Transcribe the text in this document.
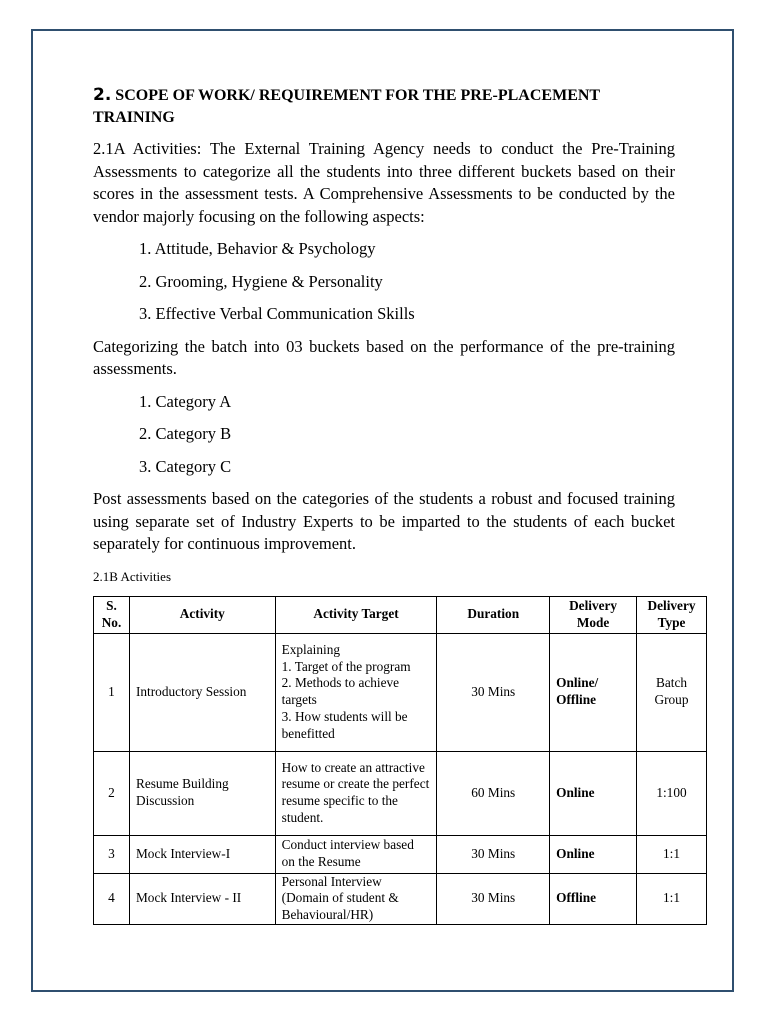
2. SCOPE OF WORK/ REQUIREMENT FOR THE PRE-PLACEMENT TRAINING

2.1A Activities: The External Training Agency needs to conduct the Pre-Training Assessments to categorize all the students into three different buckets based on their scores in the assessment tests. A Comprehensive Assessments to be conducted by the vendor majorly focusing on the following aspects:

1. Attitude, Behavior & Psychology
2. Grooming, Hygiene & Personality
3. Effective Verbal Communication Skills

Categorizing the batch into 03 buckets based on the performance of the pre-training assessments.

1. Category A
2. Category B
3. Category C

Post assessments based on the categories of the students a robust and focused training using separate set of Industry Experts to be imparted to the students of each bucket separately for continuous improvement.

2.1B Activities
S. No.	Activity	Activity Target	Duration	Delivery Mode	Delivery Type
1	Introductory Session	Explaining
1. Target of the program
2. Methods to achieve targets
3. How students will be benefitted	30 Mins	Online/ Offline	Batch Group
2	Resume Building Discussion	How to create an attractive resume or create the perfect resume specific to the student.	60 Mins	Online	1:100
3	Mock Interview-I	Conduct interview based on the Resume	30 Mins	Online	1:1
4	Mock Interview - II	Personal Interview (Domain of student & Behavioural/HR)	30 Mins	Offline	1:1
